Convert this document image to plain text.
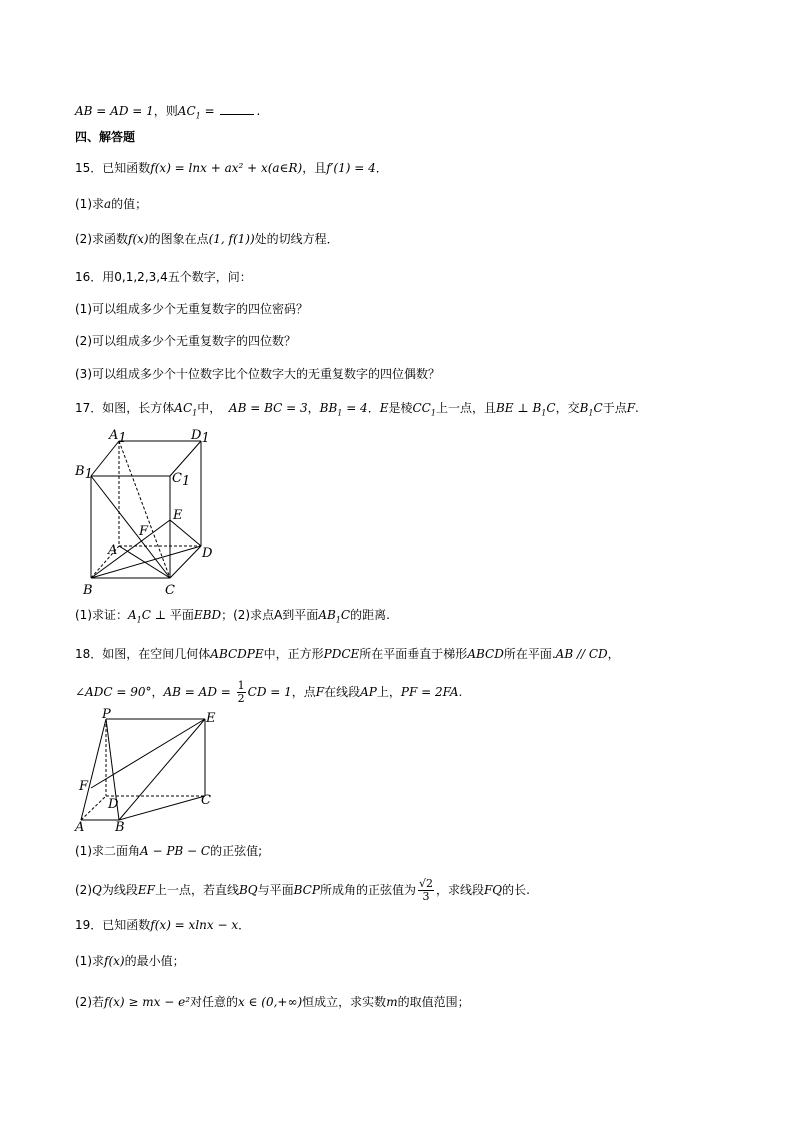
AB = AD = 1，则$AC_1$ =	.
四、解答题
15．已知函数f(x) = lnx + ax² + x(a∈R)，且f′(1) = 4．
(1)求a的值；
(2)求函数f(x)的图象在点(1, f(1))处的切线方程．
16．用0,1,2,3,4五个数字，问：
(1)可以组成多少个无重复数字的四位密码？
(2)可以组成多少个无重复数字的四位数？
(3)可以组成多少个十位数字比个位数字大的无重复数字的四位偶数？
17．如图，长方体$AC_1$中， AB = BC = 3，$BB_1 = 4$．E是棱$CC_1$上一点，且BE ⊥ $B_1C$，交$B_1C$于点F.
A1	D1
B1	C1
E
F
A	D
B	C
(1)求证：$A_1C$ ⊥ 平面EBD；(2)求点A到平面$AB_1C$的距离.
18．如图，在空间几何体ABCDPE中，正方形PDCE所在平面垂直于梯形ABCD所在平面.AB // CD，
∠ADC = 90°，AB = AD = $\frac{1}{2}$ CD = 1，点F在线段AP上，PF = 2FA.
P	E
F
D	C
A B
(1)求二面角A − PB − C的正弦值;
(2)Q为线段EF上一点，若直线BQ与平面BCP所成角的正弦值为 $\frac{√2}{3}$ ，求线段FQ的长.
19．已知函数f(x) = xlnx − x．
(1)求f(x)的最小值；
(2)若f(x) ≥ mx − e²对任意的x ∈ (0,+∞)恒成立，求实数m的取值范围；
